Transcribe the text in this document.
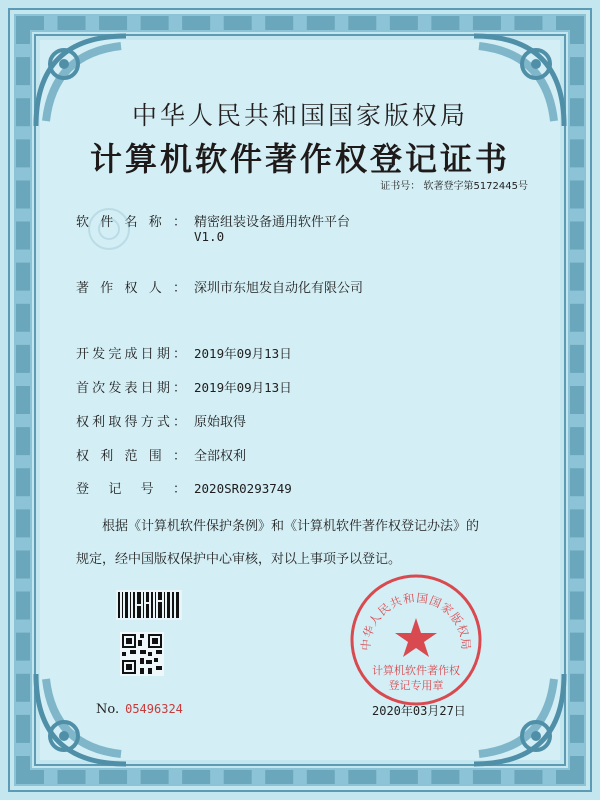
中华人民共和国国家版权局
计算机软件著作权登记证书
证书号： 软著登字第5172445号
软件名称： 精密组装设备通用软件平台
V1.0
著作权人： 深圳市东旭发自动化有限公司
开发完成日期： 2019年09月13日
首次发表日期： 2019年09月13日
权利取得方式： 原始取得
权利范围： 全部权利
登记号： 2020SR0293749
根据《计算机软件保护条例》和《计算机软件著作权登记办法》的
规定，经中国版权保护中心审核，对以上事项予以登记。
No. 05496324
中华人民共和国国家版权局
计算机软件著作权
登记专用章
2020年03月27日
